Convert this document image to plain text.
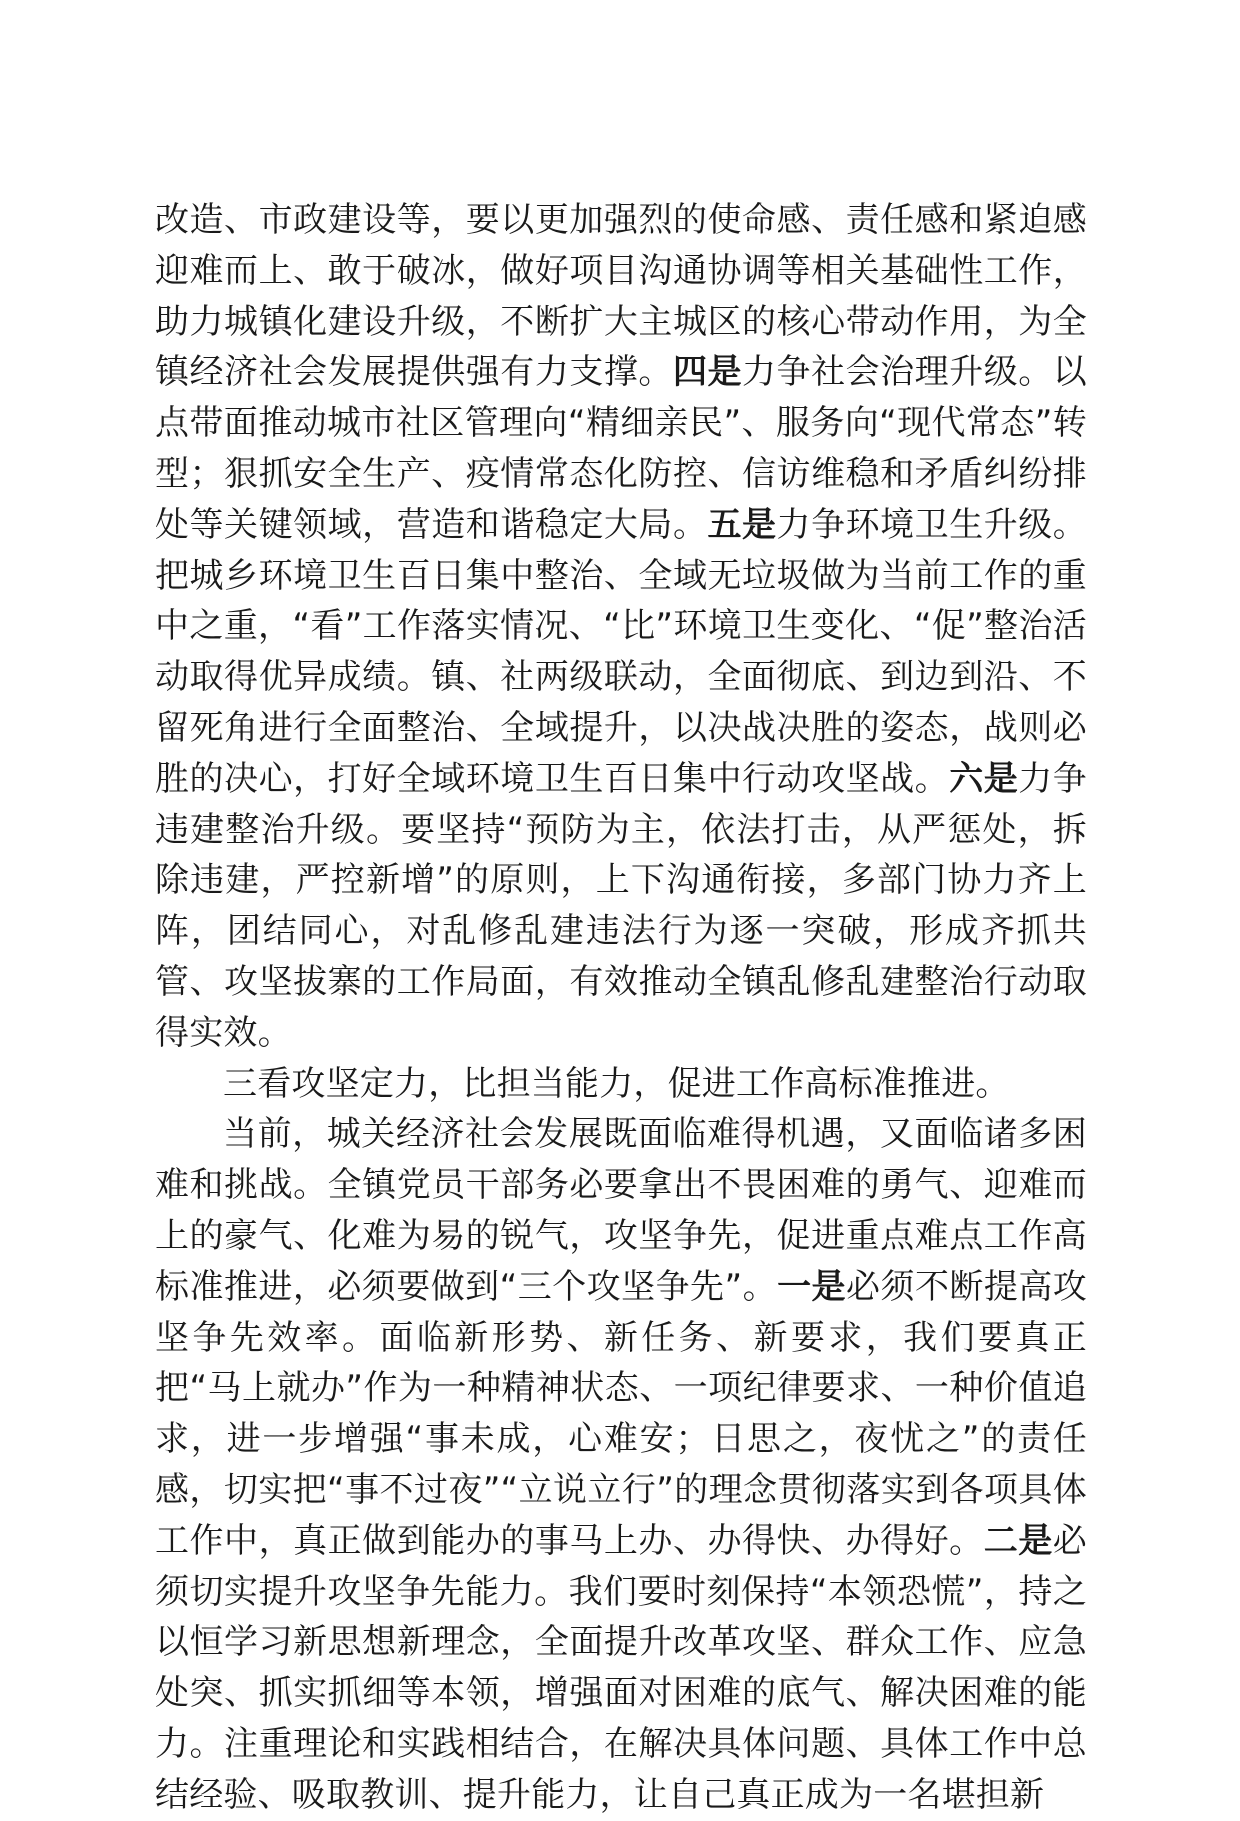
改造、市政建设等，要以更加强烈的使命感、责任感和紧迫感迎难而上、敢于破冰，做好项目沟通协调等相关基础性工作，助力城镇化建设升级，不断扩大主城区的核心带动作用，为全镇经济社会发展提供强有力支撑。四是力争社会治理升级。以点带面推动城市社区管理向“精细亲民”、服务向“现代常态”转型；狠抓安全生产、疫情常态化防控、信访维稳和矛盾纠纷排处等关键领域，营造和谐稳定大局。五是力争环境卫生升级。把城乡环境卫生百日集中整治、全域无垃圾做为当前工作的重中之重，“看”工作落实情况、“比”环境卫生变化、“促”整治活动取得优异成绩。镇、社两级联动，全面彻底、到边到沿、不留死角进行全面整治、全域提升，以决战决胜的姿态，战则必胜的决心，打好全域环境卫生百日集中行动攻坚战。六是力争违建整治升级。要坚持“预防为主，依法打击，从严惩处，拆除违建，严控新增”的原则，上下沟通衔接，多部门协力齐上阵，团结同心，对乱修乱建违法行为逐一突破，形成齐抓共管、攻坚拔寨的工作局面，有效推动全镇乱修乱建整治行动取得实效。

三看攻坚定力，比担当能力，促进工作高标准推进。

当前，城关经济社会发展既面临难得机遇，又面临诸多困难和挑战。全镇党员干部务必要拿出不畏困难的勇气、迎难而上的豪气、化难为易的锐气，攻坚争先，促进重点难点工作高标准推进，必须要做到“三个攻坚争先”。一是必须不断提高攻坚争先效率。面临新形势、新任务、新要求，我们要真正把“马上就办”作为一种精神状态、一项纪律要求、一种价值追求，进一步增强“事未成，心难安；日思之，夜忧之”的责任感，切实把“事不过夜”“立说立行”的理念贯彻落实到各项具体工作中，真正做到能办的事马上办、办得快、办得好。二是必须切实提升攻坚争先能力。我们要时刻保持“本领恐慌”，持之以恒学习新思想新理念，全面提升改革攻坚、群众工作、应急处突、抓实抓细等本领，增强面对困难的底气、解决困难的能力。注重理论和实践相结合，在解决具体问题、具体工作中总结经验、吸取教训、提升能力，让自己真正成为一名堪担新
